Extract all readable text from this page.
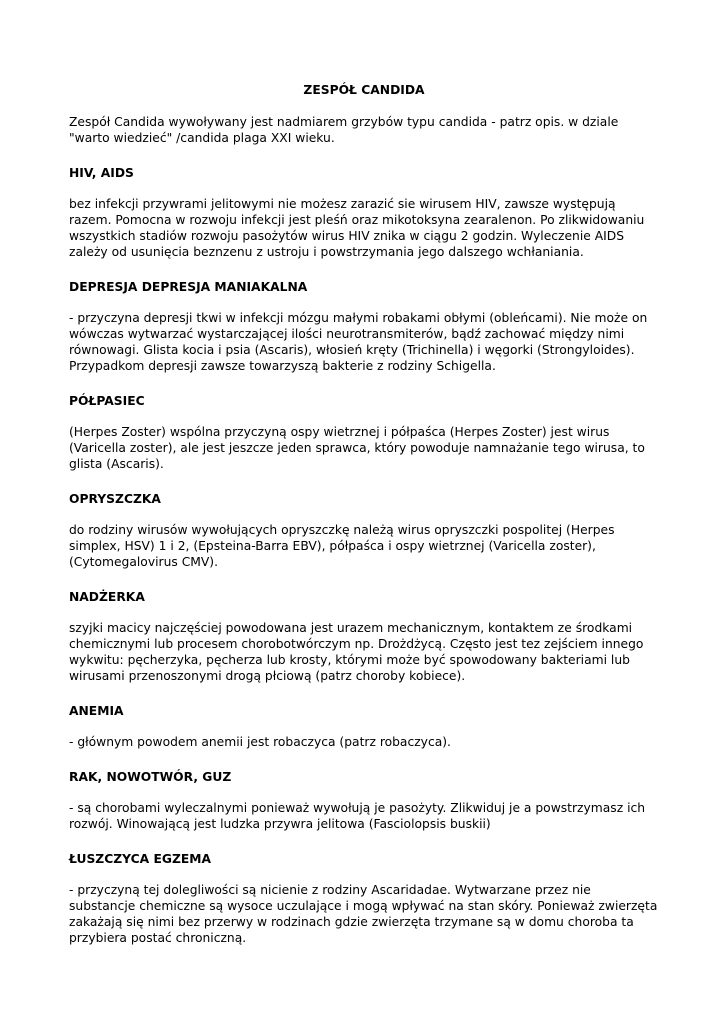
ZESPÓŁ CANDIDA
Zespół Candida wywoływany jest nadmiarem grzybów typu candida - patrz opis. w dziale "warto wiedzieć" /candida plaga XXI wieku.
HIV, AIDS
bez infekcji przywrami jelitowymi nie możesz zarazić sie wirusem HIV, zawsze występują razem. Pomocna w rozwoju infekcji jest pleśń oraz mikotoksyna zearalenon. Po zlikwidowaniu wszystkich stadiów rozwoju pasożytów wirus HIV znika w ciągu 2 godzin. Wyleczenie AIDS zależy od usunięcia beznzenu z ustroju i powstrzymania jego dalszego wchłaniania.
DEPRESJA DEPRESJA MANIAKALNA
- przyczyna depresji tkwi w infekcji mózgu małymi robakami obłymi (obleńcami). Nie może on wówczas wytwarzać wystarczającej ilości neurotransmiterów, bądź zachować między nimi równowagi. Glista kocia i psia (Ascaris), włosień kręty (Trichinella) i węgorki (Strongyloides). Przypadkom depresji zawsze towarzyszą bakterie z rodziny Schigella.
PÓŁPASIEC
(Herpes Zoster) wspólna przyczyną ospy wietrznej i półpaśca (Herpes Zoster) jest wirus (Varicella zoster), ale jest jeszcze jeden sprawca, który powoduje namnażanie tego wirusa, to glista (Ascaris).
OPRYSZCZKA
do rodziny wirusów wywołujących opryszczkę należą wirus opryszczki pospolitej (Herpes simplex, HSV) 1 i 2, (Epsteina-Barra EBV), półpaśca i ospy wietrznej (Varicella zoster), (Cytomegalovirus CMV).
NADŻERKA
szyjki macicy najczęściej powodowana jest urazem mechanicznym, kontaktem ze środkami chemicznymi lub procesem chorobotwórczym np. Drożdżycą. Często jest tez zejściem innego wykwitu: pęcherzyka, pęcherza lub krosty, którymi może być spowodowany bakteriami lub wirusami przenoszonymi drogą płciową (patrz choroby kobiece).
ANEMIA
- głównym powodem anemii jest robaczyca (patrz robaczyca).
RAK, NOWOTWÓR, GUZ
- są chorobami wyleczalnymi ponieważ wywołują je pasożyty. Zlikwiduj je a powstrzymasz ich rozwój. Winowającą jest ludzka przywra jelitowa (Fasciolopsis buskii)
ŁUSZCZYCA EGZEMA
- przyczyną tej dolegliwości są nicienie z rodziny Ascaridadae. Wytwarzane przez nie substancje chemiczne są wysoce uczulające i mogą wpływać na stan skóry. Ponieważ zwierzęta zakażają się nimi bez przerwy w rodzinach gdzie zwierzęta trzymane są w domu choroba ta przybiera postać chroniczną.
